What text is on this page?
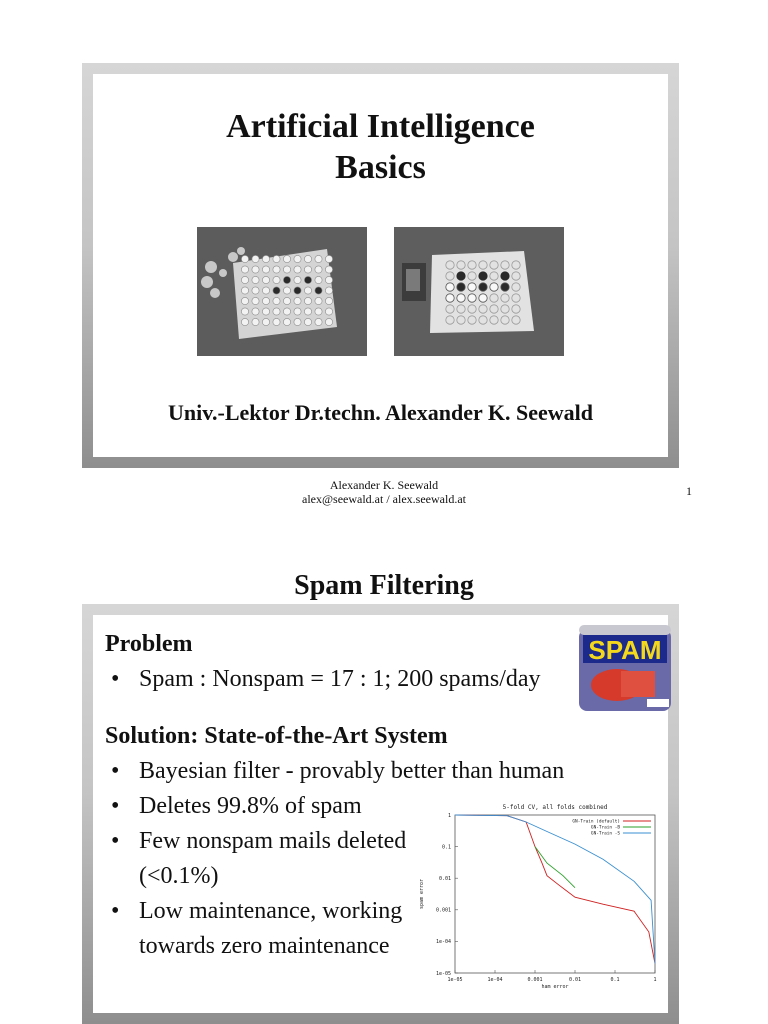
Artificial Intelligence
Basics
Univ.-Lektor Dr.techn. Alexander K. Seewald
Alexander K. Seewald
alex@seewald.at / alex.seewald.at
1
Spam Filtering
Problem
• Spam : Nonspam = 17 : 1; 200 spams/day
Solution: State-of-the-Art System
• Bayesian filter - provably better than human
• Deletes 99.8% of spam
• Few nonspam mails deleted (<0.1%)
• Low maintenance, working towards zero maintenance
SPAM
5-fold CV, all folds combined
1
0.1
0.01
0.001
1e-04
1e-05
1e-05	1e-04	0.001	0.01	0.1	1
GN-Train (default)
GN-Train -B
GN-Train -S
ham error
spam error
